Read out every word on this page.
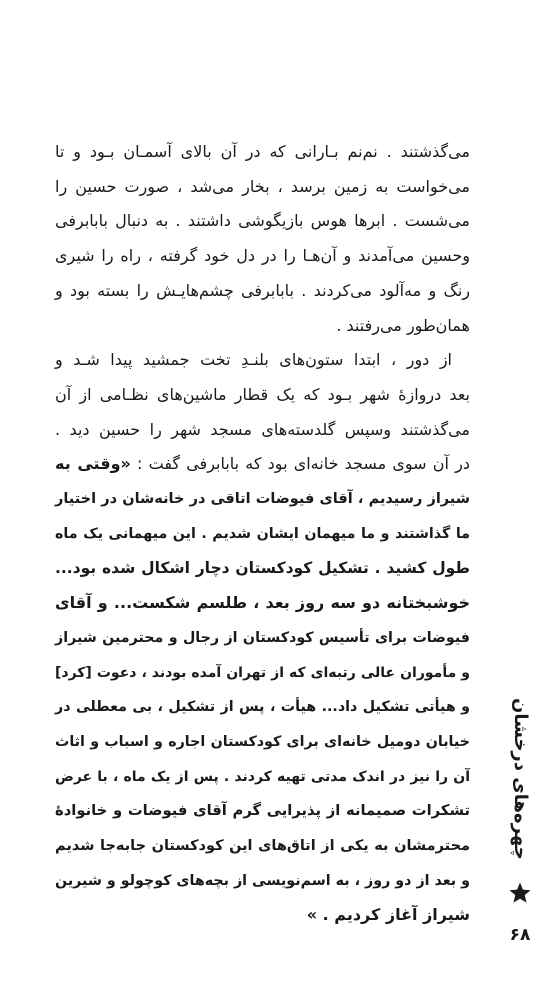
می‌گذشتند . نم‌نم بـارانی که در آن بالای آسمـان بـود و تا
می‌خواست به زمین برسد ، بخار می‌شد ، صورت حسین را
می‌شست . ابرها هوس بازیگوشی داشتند . به دنبال بابابرفی
وحسین می‌آمدند و آن‌هـا را در دل خود گرفته ، راه را شیری
رنگ و مه‌آلود می‌کردند . بابابرفی چشم‌هایـش را بسته بود و
همان‌طور می‌رفتند .
از دور ، ابتدا ستون‌های بلنـدِ تخت جمشید پیدا شـد و
بعد دروازهٔ شهر بـود که یک قطار ماشین‌های نظـامی از آن
می‌گذشتند وسپس گلدسته‌های مسجد شهر را حسین دید .
در آن سوی مسجد خانه‌ای بود که بابابرفی گفت : «وقتی به
شیراز رسیدیم ، آقای فیوضات اتاقی در خانه‌شان در اختیار
ما گذاشتند و ما میهمان ایشان شدیم . این میهمانی یک ماه
طول کشید . تشکیل کودکستان دچار اشکال شده بود...
خوشبختانه دو سه روز بعد ، طلسم شکست... و آقای
فیوضات برای تأسیس کودکستان از رجال و محترمین شیراز
و مأموران عالی رتبه‌ای که از تهران آمده بودند ، دعوت [کرد]
و هیأتی تشکیل داد... هیأت ، پس از تشکیل ، بی معطلی در
خیابان دومیل خانه‌ای برای کودکستان اجاره و اسباب و اثاث
آن را نیز در اندک مدتی تهیه کردند . پس از یک ماه ، با عرض
تشکرات صمیمانه از پذیرایی گرم آقای فیوضات و خانوادهٔ
محترمشان به یکی از اتاق‌های این کودکستان جابه‌جا شدیم
و بعد از دو روز ، به اسم‌نویسی از بچه‌های کوچولو و شیرین
شیراز آغاز کردیم . »
چهره‌های درخشان
۶۸
